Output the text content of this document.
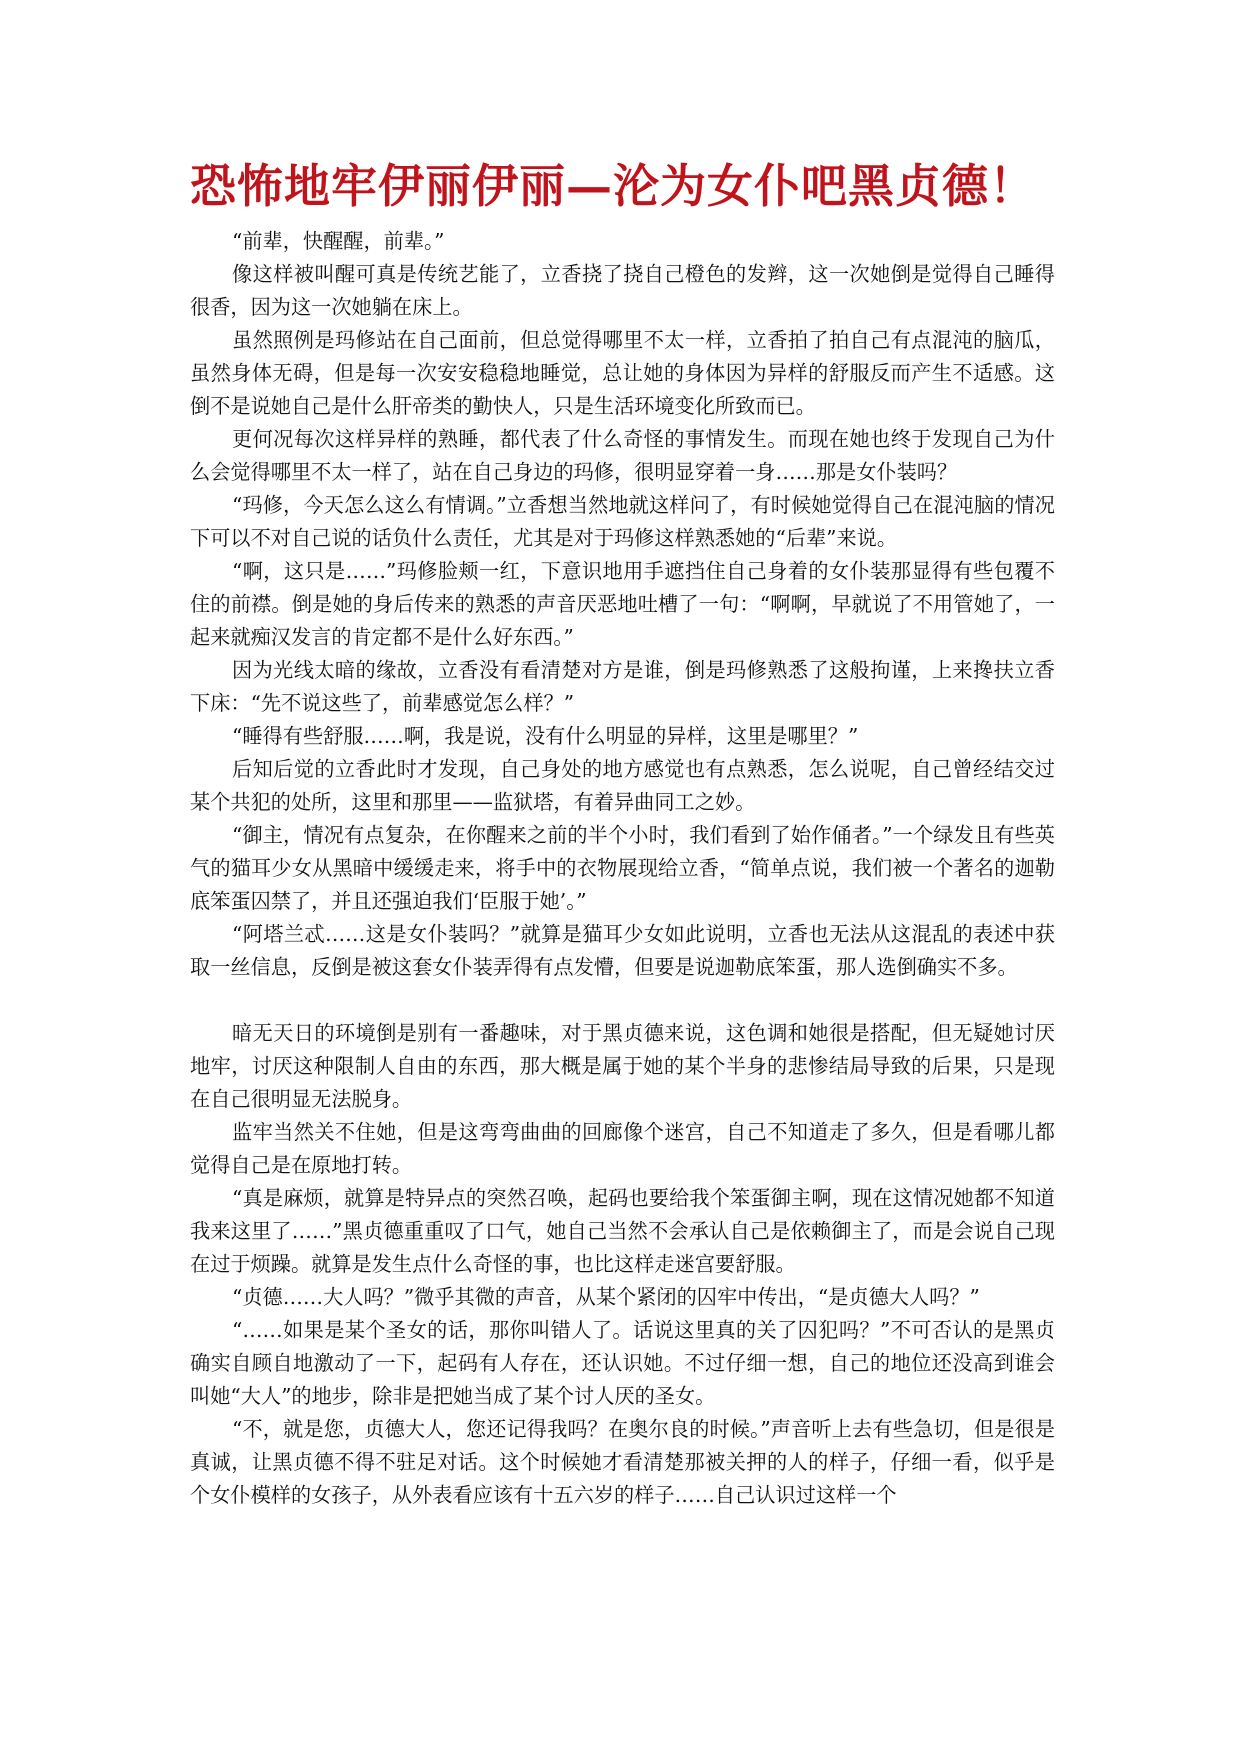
恐怖地牢伊丽伊丽—沦为女仆吧黑贞德！

“前辈，快醒醒，前辈。”

像这样被叫醒可真是传统艺能了，立香挠了挠自己橙色的发辫，这一次她倒是觉得自己睡得很香，因为这一次她躺在床上。

虽然照例是玛修站在自己面前，但总觉得哪里不太一样，立香拍了拍自己有点混沌的脑瓜，虽然身体无碍，但是每一次安安稳稳地睡觉，总让她的身体因为异样的舒服反而产生不适感。这倒不是说她自己是什么肝帝类的勤快人，只是生活环境变化所致而已。

更何况每次这样异样的熟睡，都代表了什么奇怪的事情发生。而现在她也终于发现自己为什么会觉得哪里不太一样了，站在自己身边的玛修，很明显穿着一身……那是女仆装吗？

“玛修，今天怎么这么有情调。”立香想当然地就这样问了，有时候她觉得自己在混沌脑的情况下可以不对自己说的话负什么责任，尤其是对于玛修这样熟悉她的“后辈”来说。

“啊，这只是……”玛修脸颊一红，下意识地用手遮挡住自己身着的女仆装那显得有些包覆不住的前襟。倒是她的身后传来的熟悉的声音厌恶地吐槽了一句：“啊啊，早就说了不用管她了，一起来就痴汉发言的肯定都不是什么好东西。”

因为光线太暗的缘故，立香没有看清楚对方是谁，倒是玛修熟悉了这般拘谨，上来搀扶立香下床：“先不说这些了，前辈感觉怎么样？”

“睡得有些舒服……啊，我是说，没有什么明显的异样，这里是哪里？”

后知后觉的立香此时才发现，自己身处的地方感觉也有点熟悉，怎么说呢，自己曾经结交过某个共犯的处所，这里和那里——监狱塔，有着异曲同工之妙。

“御主，情况有点复杂，在你醒来之前的半个小时，我们看到了始作俑者。”一个绿发且有些英气的猫耳少女从黑暗中缓缓走来，将手中的衣物展现给立香，“简单点说，我们被一个著名的迦勒底笨蛋囚禁了，并且还强迫我们‘臣服于她’。”

“阿塔兰忒……这是女仆装吗？”就算是猫耳少女如此说明，立香也无法从这混乱的表述中获取一丝信息，反倒是被这套女仆装弄得有点发懵，但要是说迦勒底笨蛋，那人选倒确实不多。

暗无天日的环境倒是别有一番趣味，对于黑贞德来说，这色调和她很是搭配，但无疑她讨厌地牢，讨厌这种限制人自由的东西，那大概是属于她的某个半身的悲惨结局导致的后果，只是现在自己很明显无法脱身。

监牢当然关不住她，但是这弯弯曲曲的回廊像个迷宫，自己不知道走了多久，但是看哪儿都觉得自己是在原地打转。

“真是麻烦，就算是特异点的突然召唤，起码也要给我个笨蛋御主啊，现在这情况她都不知道我来这里了……”黑贞德重重叹了口气，她自己当然不会承认自己是依赖御主了，而是会说自己现在过于烦躁。就算是发生点什么奇怪的事，也比这样走迷宫要舒服。

“贞德……大人吗？”微乎其微的声音，从某个紧闭的囚牢中传出，“是贞德大人吗？”

“……如果是某个圣女的话，那你叫错人了。话说这里真的关了囚犯吗？”不可否认的是黑贞确实自顾自地激动了一下，起码有人存在，还认识她。不过仔细一想，自己的地位还没高到谁会叫她“大人”的地步，除非是把她当成了某个讨人厌的圣女。

“不，就是您，贞德大人，您还记得我吗？在奥尔良的时候。”声音听上去有些急切，但是很是真诚，让黑贞德不得不驻足对话。这个时候她才看清楚那被关押的人的样子，仔细一看，似乎是个女仆模样的女孩子，从外表看应该有十五六岁的样子……自己认识过这样一个
